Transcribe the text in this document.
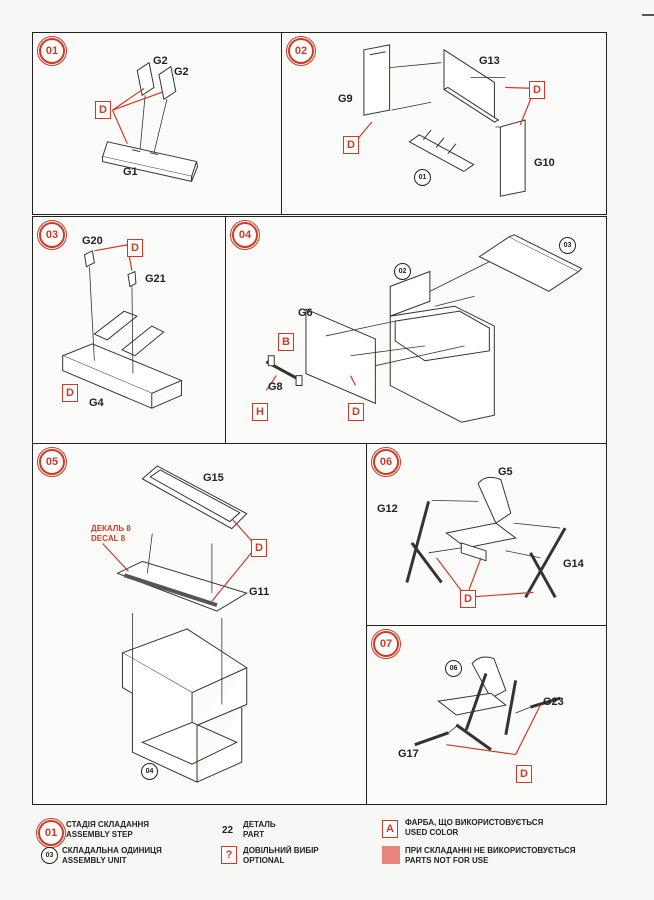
01
G2
G2
G1
D
02
G13
G9
G10
D
D
01
03	G20
G21
G4
D
D
04
02
03
G6
G8
B
H	D
05
G15
G11
D
ДЕКАЛЬ 8
DECAL 8
04
06
G5
G12
G14
D
07
06
G23
G17
D
01
СТАДІЯ СКЛАДАННЯ
ASSEMBLY STEP
03
СКЛАДАЛЬНА ОДИНИЦЯ
ASSEMBLY UNIT
22
ДЕТАЛЬ
PART
?	ДОВІЛЬНИЙ ВИБІР
OPTIONAL
A
ФАРБА, ЩО ВИКОРИСТОВУЄТЬСЯ
USED COLOR
ПРИ СКЛАДАННІ НЕ ВИКОРИСТОВУЄТЬСЯ
PARTS NOT FOR USE
